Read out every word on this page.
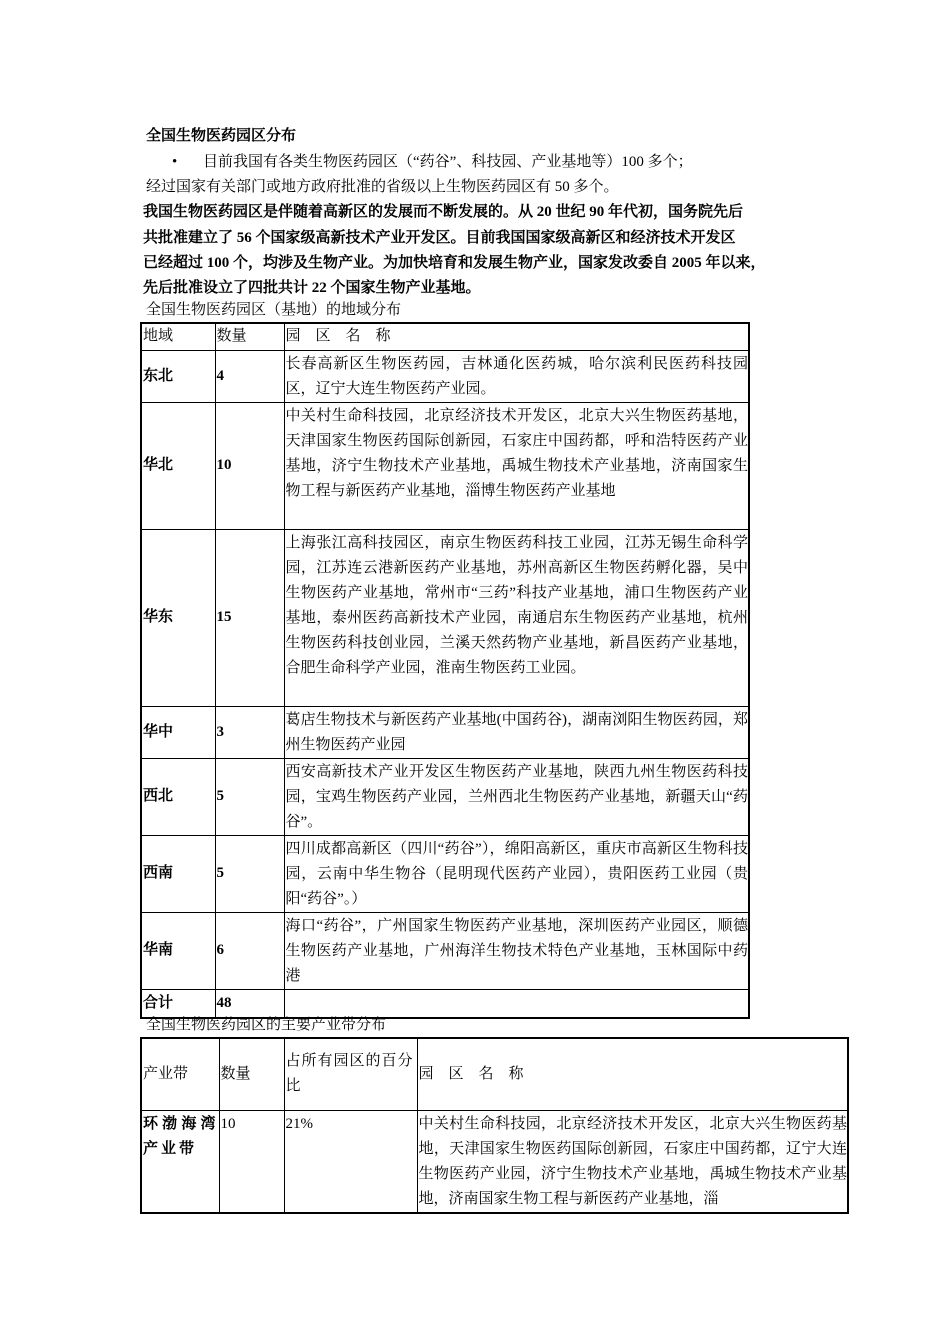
全国生物医药园区分布
• 目前我国有各类生物医药园区（“药谷”、科技园、产业基地等）100 多个；
经过国家有关部门或地方政府批准的省级以上生物医药园区有 50 多个。
我国生物医药园区是伴随着高新区的发展而不断发展的。从 20 世纪 90 年代初，国务院先后
共批准建立了 56 个国家级高新技术产业开发区。目前我国国家级高新区和经济技术开发区
已经超过 100 个，均涉及生物产业。为加快培育和发展生物产业，国家发改委自 2005 年以来，
先后批准设立了四批共计 22 个国家生物产业基地。
全国生物医药园区（基地）的地域分布
地域	数量	园　区　名　称
东北	4	长春高新区生物医药园，吉林通化医药城，哈尔滨利民医药科技园区，辽宁大连生物医药产业园。
华北	10	中关村生命科技园，北京经济技术开发区，北京大兴生物医药基地，天津国家生物医药国际创新园，石家庄中国药都，呼和浩特医药产业基地，济宁生物技术产业基地，禹城生物技术产业基地，济南国家生物工程与新医药产业基地，淄博生物医药产业基地
华东	15	上海张江高科技园区，南京生物医药科技工业园，江苏无锡生命科学园，江苏连云港新医药产业基地，苏州高新区生物医药孵化器，吴中生物医药产业基地，常州市“三药”科技产业基地，浦口生物医药产业基地，泰州医药高新技术产业园，南通启东生物医药产业基地，杭州生物医药科技创业园，兰溪天然药物产业基地，新昌医药产业基地，合肥生命科学产业园，淮南生物医药工业园。
华中	3	葛店生物技术与新医药产业基地(中国药谷)，湖南浏阳生物医药园，郑州生物医药产业园
西北	5	西安高新技术产业开发区生物医药产业基地，陕西九州生物医药科技园，宝鸡生物医药产业园，兰州西北生物医药产业基地，新疆天山“药谷”。
西南	5	四川成都高新区（四川“药谷”），绵阳高新区，重庆市高新区生物科技园，云南中华生物谷（昆明现代医药产业园），贵阳医药工业园（贵阳“药谷”。）
华南	6	海口“药谷”，广州国家生物医药产业基地，深圳医药产业园区，顺德生物医药产业基地，广州海洋生物技术特色产业基地，玉林国际中药港
合计	48	
全国生物医药园区的主要产业带分布
产业带	数量	占所有园区的百分比	园　区　名　称
环渤海湾产业带	10	21%	中关村生命科技园，北京经济技术开发区，北京大兴生物医药基地，天津国家生物医药国际创新园，石家庄中国药都，辽宁大连生物医药产业园，济宁生物技术产业基地，禹城生物技术产业基地，济南国家生物工程与新医药产业基地，淄
